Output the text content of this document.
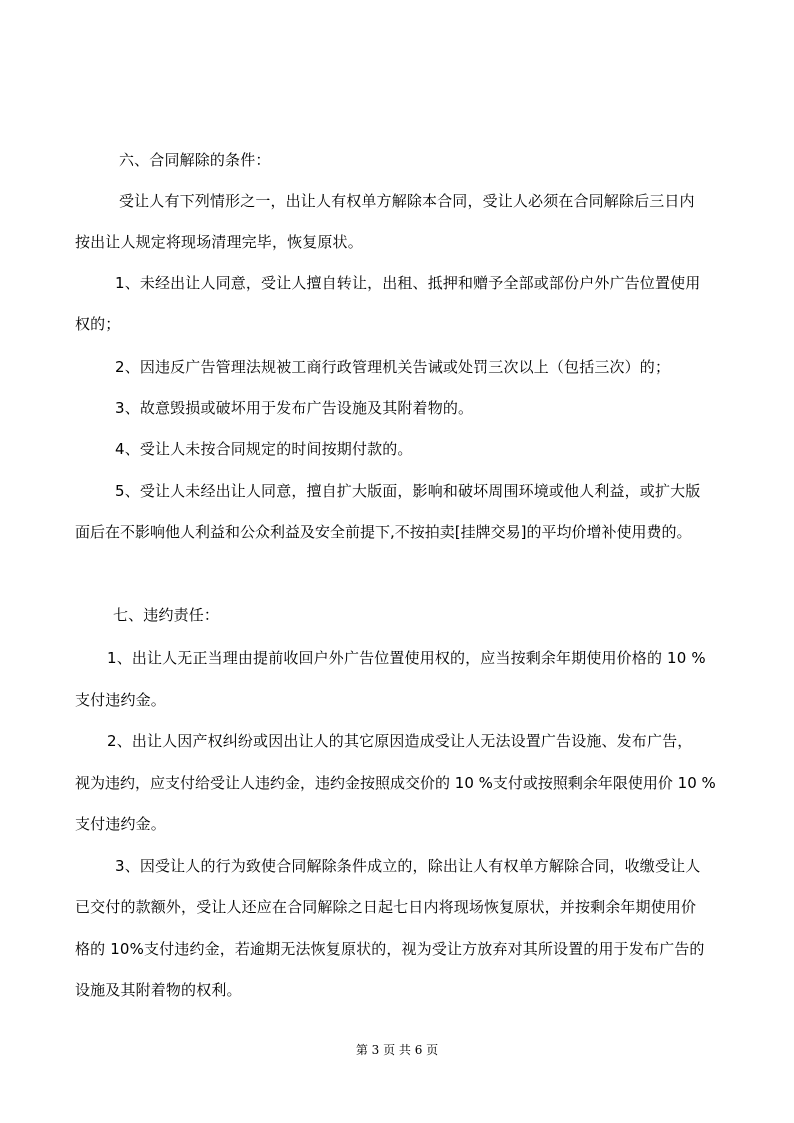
六、合同解除的条件：
受让人有下列情形之一，出让人有权单方解除本合同，受让人必须在合同解除后三日内
按出让人规定将现场清理完毕，恢复原状。
1、未经出让人同意，受让人擅自转让，出租、抵押和赠予全部或部份户外广告位置使用
权的；
2、因违反广告管理法规被工商行政管理机关告诫或处罚三次以上（包括三次）的；
3、故意毁损或破坏用于发布广告设施及其附着物的。
4、受让人未按合同规定的时间按期付款的。
5、受让人未经出让人同意，擅自扩大版面，影响和破坏周围环境或他人利益，或扩大版
面后在不影响他人利益和公众利益及安全前提下,不按拍卖[挂牌交易]的平均价增补使用费的。
七、违约责任：
1、出让人无正当理由提前收回户外广告位置使用权的，应当按剩余年期使用价格的 10 %
支付违约金。
2、出让人因产权纠纷或因出让人的其它原因造成受让人无法设置广告设施、发布广告，
视为违约，应支付给受让人违约金，违约金按照成交价的 10 %支付或按照剩余年限使用价 10 %
支付违约金。
3、因受让人的行为致使合同解除条件成立的，除出让人有权单方解除合同，收缴受让人
已交付的款额外，受让人还应在合同解除之日起七日内将现场恢复原状，并按剩余年期使用价
格的 10%支付违约金，若逾期无法恢复原状的，视为受让方放弃对其所设置的用于发布广告的
设施及其附着物的权利。
第 3 页 共 6 页
